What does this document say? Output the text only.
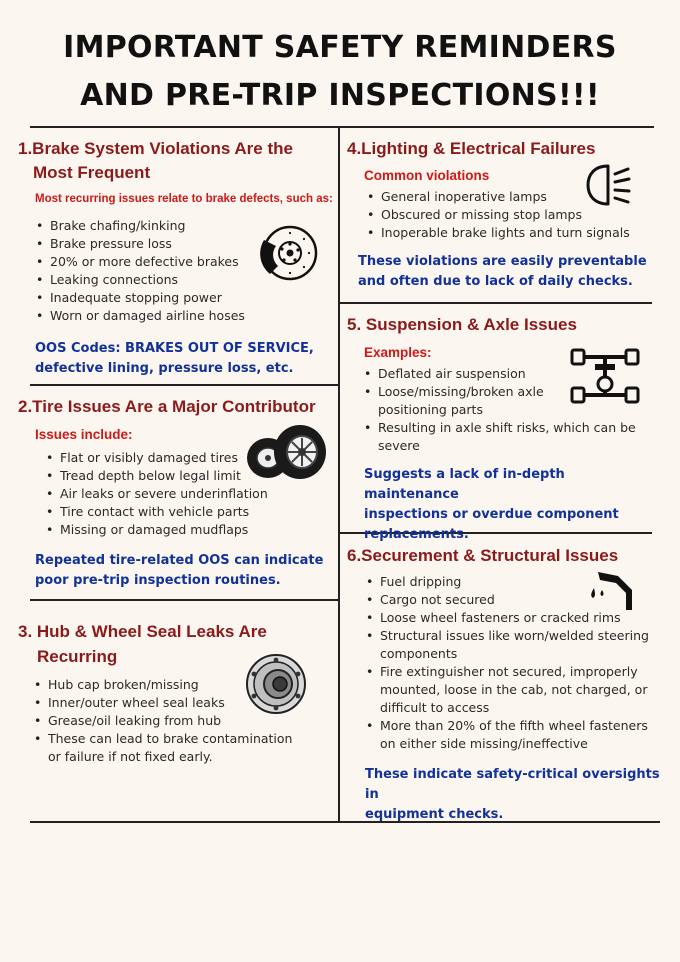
IMPORTANT SAFETY REMINDERS
AND PRE-TRIP INSPECTIONS!!!
1.Brake System Violations Are the
Most Frequent
Most recurring issues relate to brake defects, such as:
• Brake chafing/kinking
• Brake pressure loss
• 20% or more defective brakes
• Leaking connections
• Inadequate stopping power
• Worn or damaged airline hoses
OOS Codes: BRAKES OUT OF SERVICE,
defective lining, pressure loss, etc.
2.Tire Issues Are a Major Contributor
Issues include:
• Flat or visibly damaged tires
• Tread depth below legal limit
• Air leaks or severe underinflation
• Tire contact with vehicle parts
• Missing or damaged mudflaps
Repeated tire-related OOS can indicate
poor pre-trip inspection routines.
3. Hub & Wheel Seal Leaks Are
Recurring
• Hub cap broken/missing
• Inner/outer wheel seal leaks
• Grease/oil leaking from hub
• These can lead to brake contamination
or failure if not fixed early.
4.Lighting & Electrical Failures
Common violations
• General inoperative lamps
• Obscured or missing stop lamps
• Inoperable brake lights and turn signals
These violations are easily preventable
and often due to lack of daily checks.
5. Suspension & Axle Issues
Examples:
• Deflated air suspension
• Loose/missing/broken axle
positioning parts
• Resulting in axle shift risks, which can be
severe
Suggests a lack of in-depth maintenance
inspections or overdue component
replacements.
6.Securement & Structural Issues
• Fuel dripping
• Cargo not secured
• Loose wheel fasteners or cracked rims
• Structural issues like worn/welded steering
components
• Fire extinguisher not secured, improperly
mounted, loose in the cab, not charged, or
difficult to access
• More than 20% of the fifth wheel fasteners
on either side missing/ineffective
These indicate safety-critical oversights in
equipment checks.
